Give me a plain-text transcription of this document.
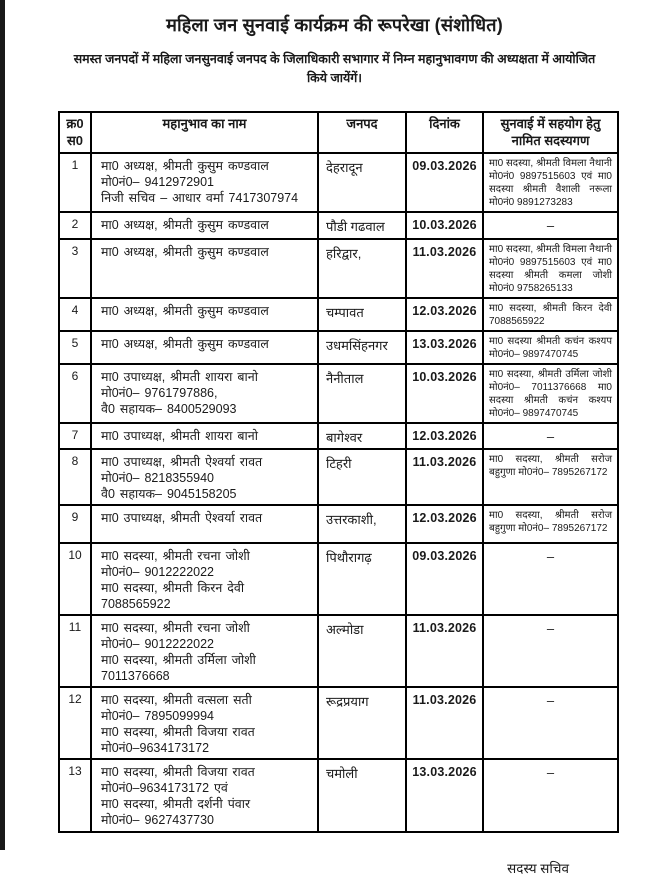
महिला जन सुनवाई कार्यक्रम की रूपरेखा (संशोधित)

समस्त जनपदों में महिला जनसुनवाई जनपद के जिलाधिकारी सभागार में निम्न महानुभावगण की अध्यक्षता में आयोजित किये जायेंगें।

क्र0
स0	महानुभाव का नाम	जनपद	दिनांक	सुनवाई में सहयोग हेतु नामित सदस्यगण
1	मा0 अध्यक्ष, श्रीमती कुसुम कण्डवाल
मो0नं0– 9412972901
निजी सचिव – आधार वर्मा 7417307974	देहरादून	09.03.2026	मा0 सदस्या, श्रीमती विमला नैथानी मो0नं0 9897515603 एवं मा0 सदस्या श्रीमती वैशाली नरूला मो0नं0 9891273283
2	मा0 अध्यक्ष, श्रीमती कुसुम कण्डवाल	पौडी गढवाल	10.03.2026	–
3	मा0 अध्यक्ष, श्रीमती कुसुम कण्डवाल	हरिद्वार,	11.03.2026	मा0 सदस्या, श्रीमती विमला नैथानी मो0नं0 9897515603 एवं मा0 सदस्या श्रीमती कमला जोशी मो0नं0 9758265133
4	मा0 अध्यक्ष, श्रीमती कुसुम कण्डवाल	चम्पावत	12.03.2026	मा0 सदस्या, श्रीमती किरन देवी 7088565922
5	मा0 अध्यक्ष, श्रीमती कुसुम कण्डवाल	उधमसिंहनगर	13.03.2026	मा0 सदस्या श्रीमती कचंन कश्यप मो0नं0– 9897470745
6	मा0 उपाध्यक्ष, श्रीमती शायरा बानो
मो0नं0– 9761797886,
वै0 सहायक– 8400529093	नैनीताल	10.03.2026	मा0 सदस्या, श्रीमती उर्मिला जोशी मो0नं0– 7011376668 मा0 सदस्या श्रीमती कचंन कश्यप मो0नं0– 9897470745
7	मा0 उपाध्यक्ष, श्रीमती शायरा बानो	बागेश्वर	12.03.2026	–
8	मा0 उपाध्यक्ष, श्रीमती ऐश्वर्या रावत
मो0नं0– 8218355940
वै0 सहायक– 9045158205	टिहरी	11.03.2026	मा0 सदस्या, श्रीमती सरोज बहुगुणा मो0नं0– 7895267172
9	मा0 उपाध्यक्ष, श्रीमती ऐश्वर्या रावत	उत्तरकाशी,	12.03.2026	मा0 सदस्या, श्रीमती सरोज बहुगुणा मो0नं0– 7895267172
10	मा0 सदस्या, श्रीमती रचना जोशी
मो0नं0– 9012222022
मा0 सदस्या, श्रीमती किरन देवी
7088565922	पिथौरागढ़	09.03.2026	–
11	मा0 सदस्या, श्रीमती रचना जोशी
मो0नं0– 9012222022
मा0 सदस्या, श्रीमती उर्मिला जोशी
7011376668	अल्मोडा	11.03.2026	–
12	मा0 सदस्या, श्रीमती वत्सला सती
मो0नं0– 7895099994
मा0 सदस्या, श्रीमती विजया रावत
मो0नं0–9634173172	रूद्रप्रयाग	11.03.2026	–
13	मा0 सदस्या, श्रीमती विजया रावत
मो0नं0–9634173172 एवं
मा0 सदस्या, श्रीमती दर्शनी पंवार
मो0नं0– 9627437730	चमोली	13.03.2026	–
सदस्य सचिव
